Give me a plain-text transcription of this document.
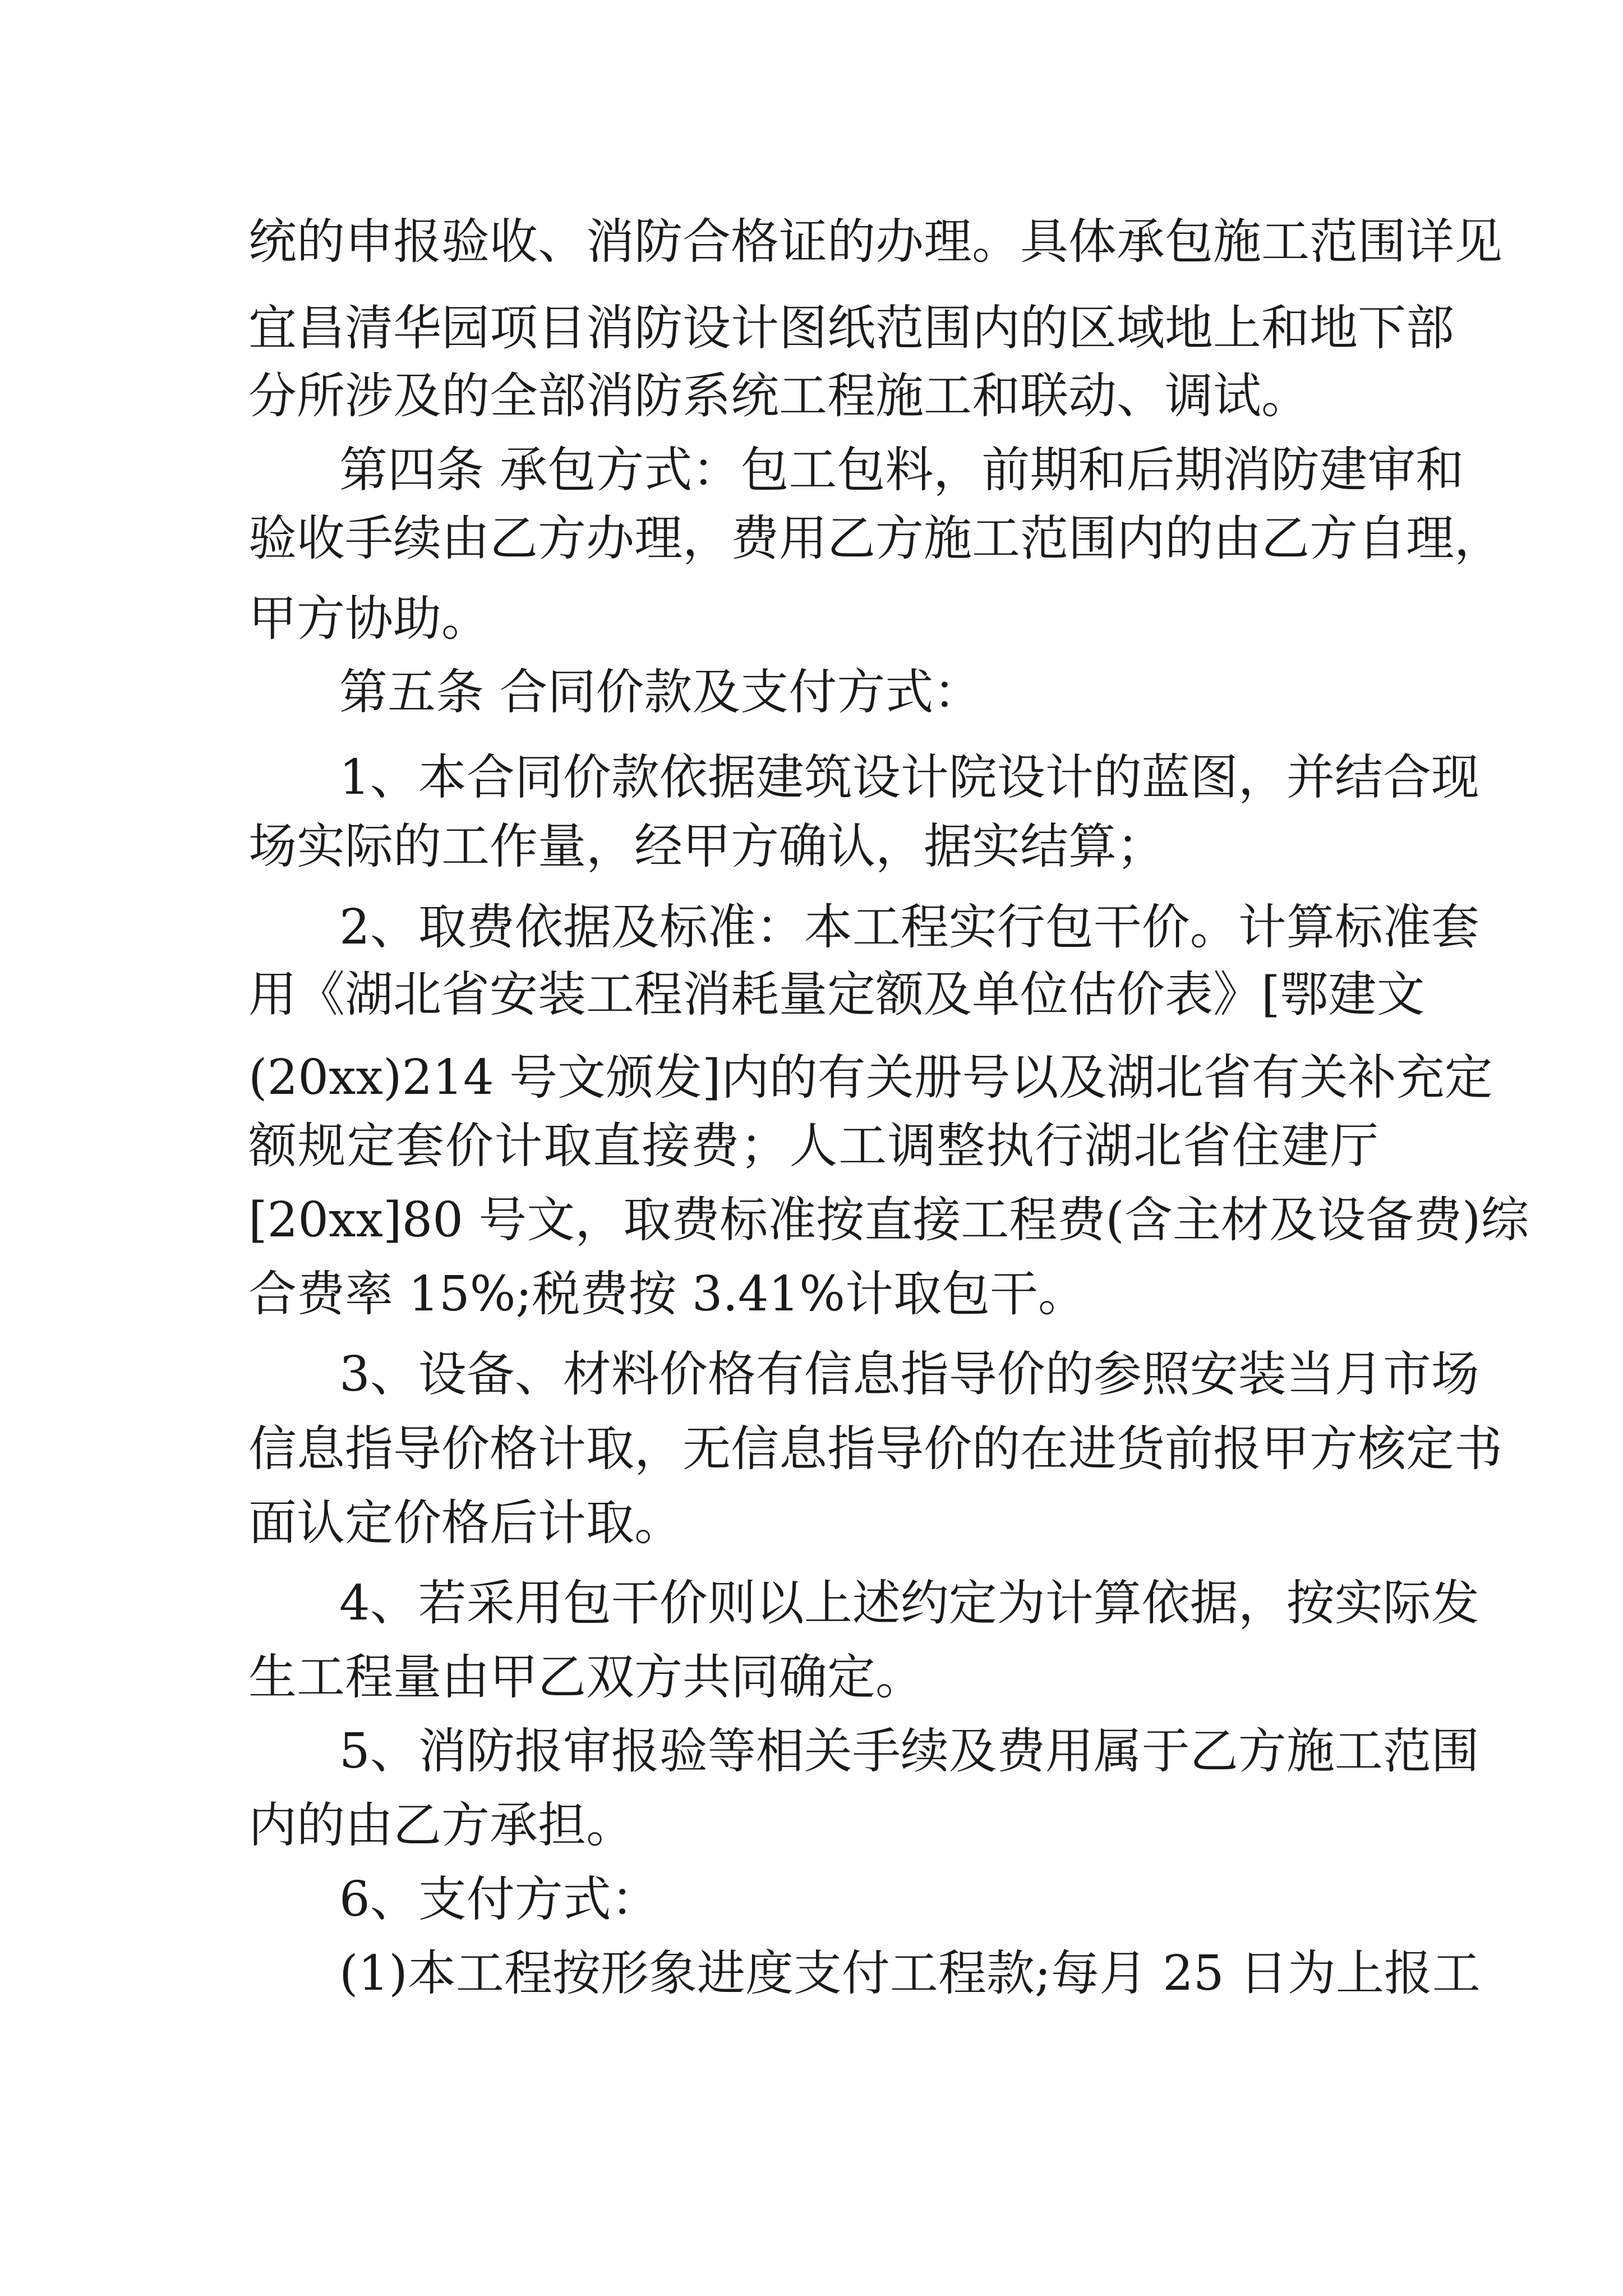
统的申报验收、消防合格证的办理。具体承包施工范围详见
宜昌清华园项目消防设计图纸范围内的区域地上和地下部
分所涉及的全部消防系统工程施工和联动、调试。
第四条 承包方式：包工包料，前期和后期消防建审和
验收手续由乙方办理，费用乙方施工范围内的由乙方自理，
甲方协助。
第五条 合同价款及支付方式：
1、本合同价款依据建筑设计院设计的蓝图，并结合现
场实际的工作量，经甲方确认，据实结算；
2、取费依据及标准：本工程实行包干价。计算标准套
用《湖北省安装工程消耗量定额及单位估价表》[鄂建文
(20xx)214 号文颁发]内的有关册号以及湖北省有关补充定
额规定套价计取直接费；人工调整执行湖北省住建厅
[20xx]80 号文，取费标准按直接工程费(含主材及设备费)综
合费率 15%;税费按 3.41%计取包干。
3、设备、材料价格有信息指导价的参照安装当月市场
信息指导价格计取，无信息指导价的在进货前报甲方核定书
面认定价格后计取。
4、若采用包干价则以上述约定为计算依据，按实际发
生工程量由甲乙双方共同确定。
5、消防报审报验等相关手续及费用属于乙方施工范围
内的由乙方承担。
6、支付方式：
(1)本工程按形象进度支付工程款;每月 25 日为上报工
